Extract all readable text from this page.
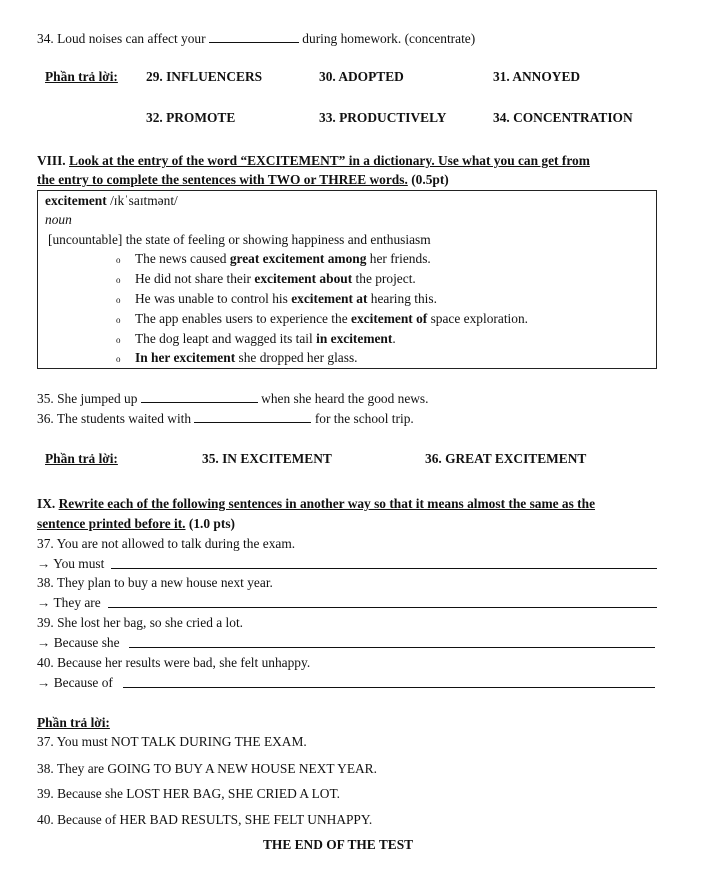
34. Loud noises can affect your	during homework. (concentrate)
Phần trả lời: 29. INFLUENCERS	30. ADOPTED	31. ANNOYED
32. PROMOTE	33. PRODUCTIVELY	34. CONCENTRATION
VIII. Look at the entry of the word “EXCITEMENT” in a dictionary. Use what you can get from
the entry to complete the sentences with TWO or THREE words. (0.5pt)
excitement /ɪkˈsaɪtmənt/
noun
[uncountable] the state of feeling or showing happiness and enthusiasm
o The news caused great excitement among her friends.
o He did not share their excitement about the project.
o He was unable to control his excitement at hearing this.
o The app enables users to experience the excitement of space exploration.
o The dog leapt and wagged its tail in excitement.
o In her excitement she dropped her glass.
35. She jumped up	when she heard the good news.
36. The students waited with	for the school trip.
Phần trả lời:	35. IN EXCITEMENT	36. GREAT EXCITEMENT
IX. Rewrite each of the following sentences in another way so that it means almost the same as the
sentence printed before it. (1.0 pts)
37. You are not allowed to talk during the exam.
→ You must
38. They plan to buy a new house next year.
→ They are
39. She lost her bag, so she cried a lot.
→ Because she
40. Because her results were bad, she felt unhappy.
→ Because of
Phần trả lời:
37. You must NOT TALK DURING THE EXAM.
38. They are GOING TO BUY A NEW HOUSE NEXT YEAR.
39. Because she LOST HER BAG, SHE CRIED A LOT.
40. Because of HER BAD RESULTS, SHE FELT UNHAPPY.
THE END OF THE TEST
